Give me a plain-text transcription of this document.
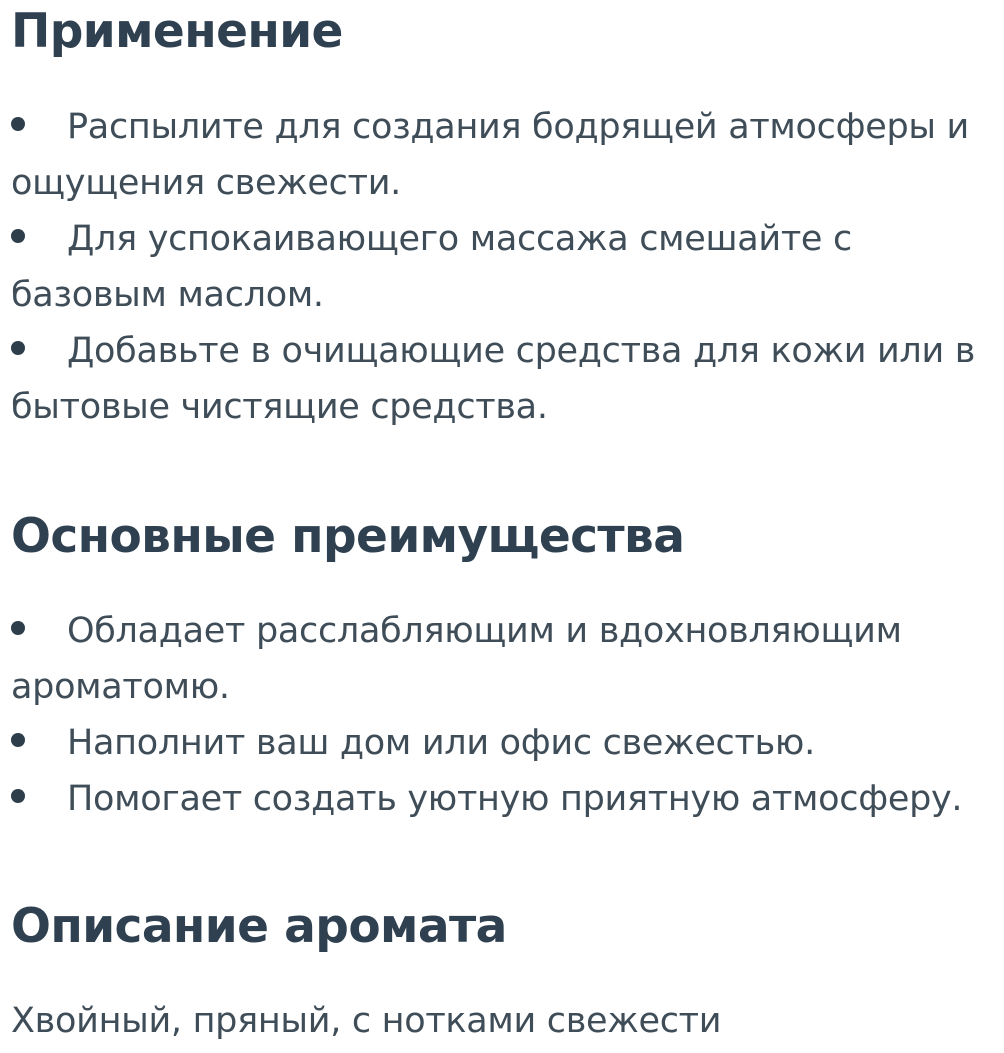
Применение
Распылите для создания бодрящей атмосферы и ощущения свежести.
Для успокаивающего массажа смешайте с базовым маслом.
Добавьте в очищающие средства для кожи или в бытовые чистящие средства.
Основные преимущества
Обладает расслабляющим и вдохновляющим ароматомю.
Наполнит ваш дом или офис свежестью.
Помогает создать уютную приятную атмосферу.
Описание аромата

Хвойный, пряный, с нотками свежести
